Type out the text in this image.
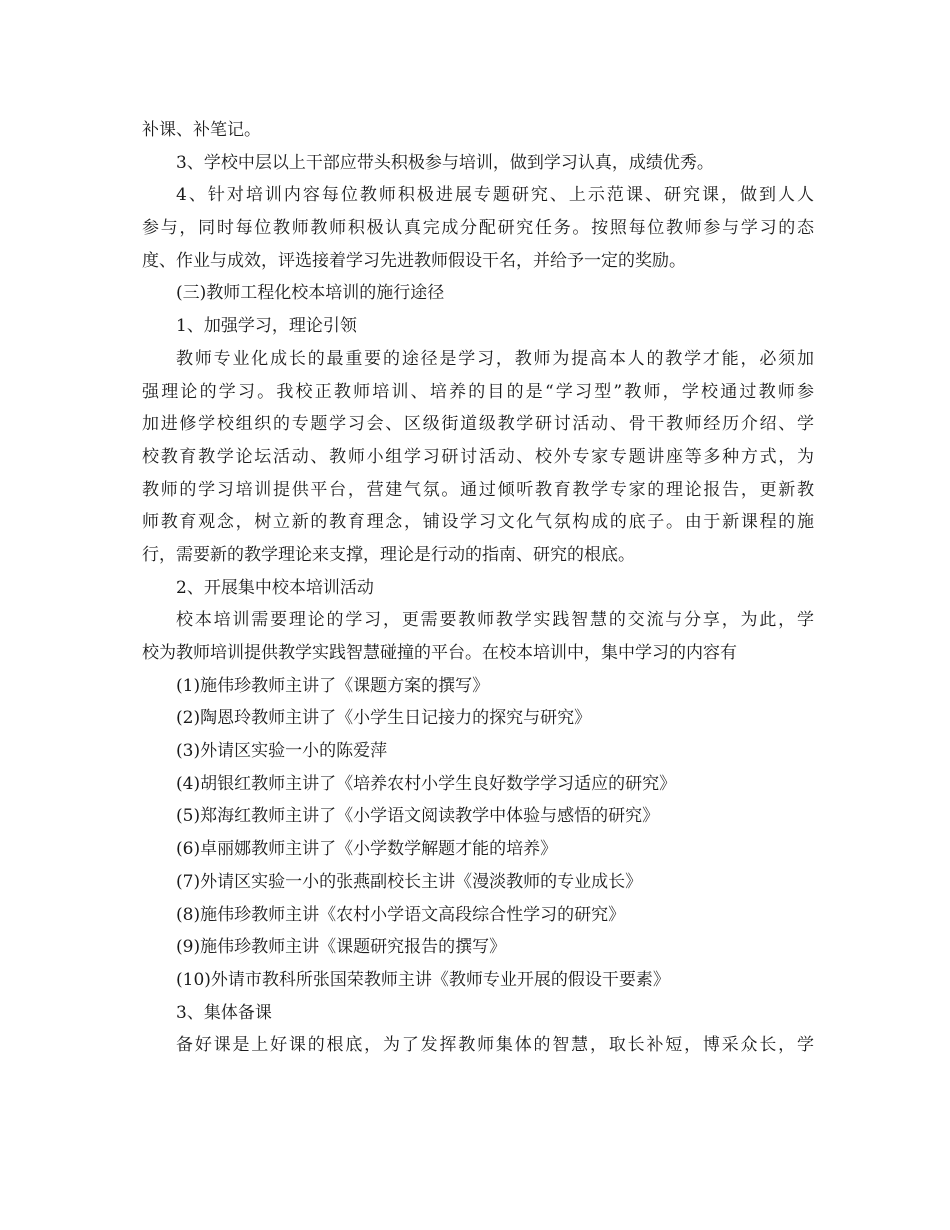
补课、补笔记。
3、学校中层以上干部应带头积极参与培训，做到学习认真，成绩优秀。
4、针对培训内容每位教师积极进展专题研究、上示范课、研究课，做到人人
参与，同时每位教师教师积极认真完成分配研究任务。按照每位教师参与学习的态
度、作业与成效，评选接着学习先进教师假设干名，并给予一定的奖励。
(三)教师工程化校本培训的施行途径
1、加强学习，理论引领
教师专业化成长的最重要的途径是学习，教师为提高本人的教学才能，必须加
强理论的学习。我校正教师培训、培养的目的是“学习型”教师，学校通过教师参
加进修学校组织的专题学习会、区级街道级教学研讨活动、骨干教师经历介绍、学
校教育教学论坛活动、教师小组学习研讨活动、校外专家专题讲座等多种方式，为
教师的学习培训提供平台，营建气氛。通过倾听教育教学专家的理论报告，更新教
师教育观念，树立新的教育理念，铺设学习文化气氛构成的底子。由于新课程的施
行，需要新的教学理论来支撑，理论是行动的指南、研究的根底。
2、开展集中校本培训活动
校本培训需要理论的学习，更需要教师教学实践智慧的交流与分享，为此，学
校为教师培训提供教学实践智慧碰撞的平台。在校本培训中，集中学习的内容有
(1)施伟珍教师主讲了《课题方案的撰写》
(2)陶恩玲教师主讲了《小学生日记接力的探究与研究》
(3)外请区实验一小的陈爱萍
(4)胡银红教师主讲了《培养农村小学生良好数学学习适应的研究》
(5)郑海红教师主讲了《小学语文阅读教学中体验与感悟的研究》
(6)卓丽娜教师主讲了《小学数学解题才能的培养》
(7)外请区实验一小的张燕副校长主讲《漫淡教师的专业成长》
(8)施伟珍教师主讲《农村小学语文高段综合性学习的研究》
(9)施伟珍教师主讲《课题研究报告的撰写》
(10)外请市教科所张国荣教师主讲《教师专业开展的假设干要素》
3、集体备课
备好课是上好课的根底，为了发挥教师集体的智慧，取长补短，博采众长，学
